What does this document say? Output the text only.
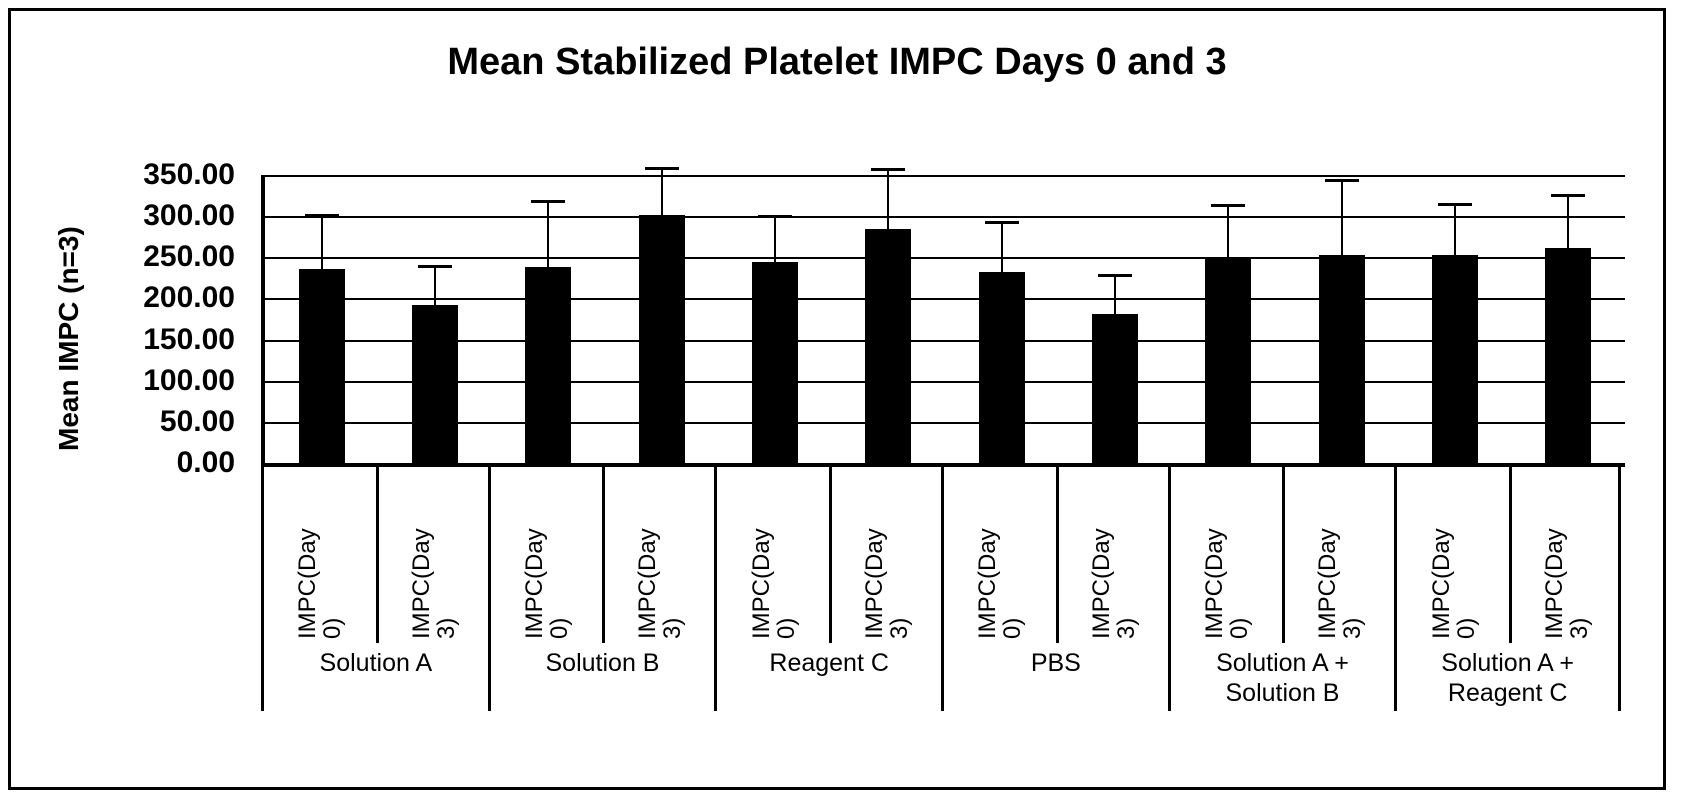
Mean Stabilized Platelet IMPC Days 0 and 3
Mean IMPC (n=3)
0.00
50.00
100.00
150.00
200.00
250.00
300.00
350.00
IMPC(Day
0)	IMPC(Day
3)
Solution A
IMPC(Day
0)	IMPC(Day
3)
Solution B
IMPC(Day
0)	IMPC(Day
3)
Reagent C
IMPC(Day
0)	IMPC(Day
3)
PBS
IMPC(Day
0)	IMPC(Day
3)
Solution A +
Solution B
IMPC(Day
0)	IMPC(Day
3)
Solution A +
Reagent C
